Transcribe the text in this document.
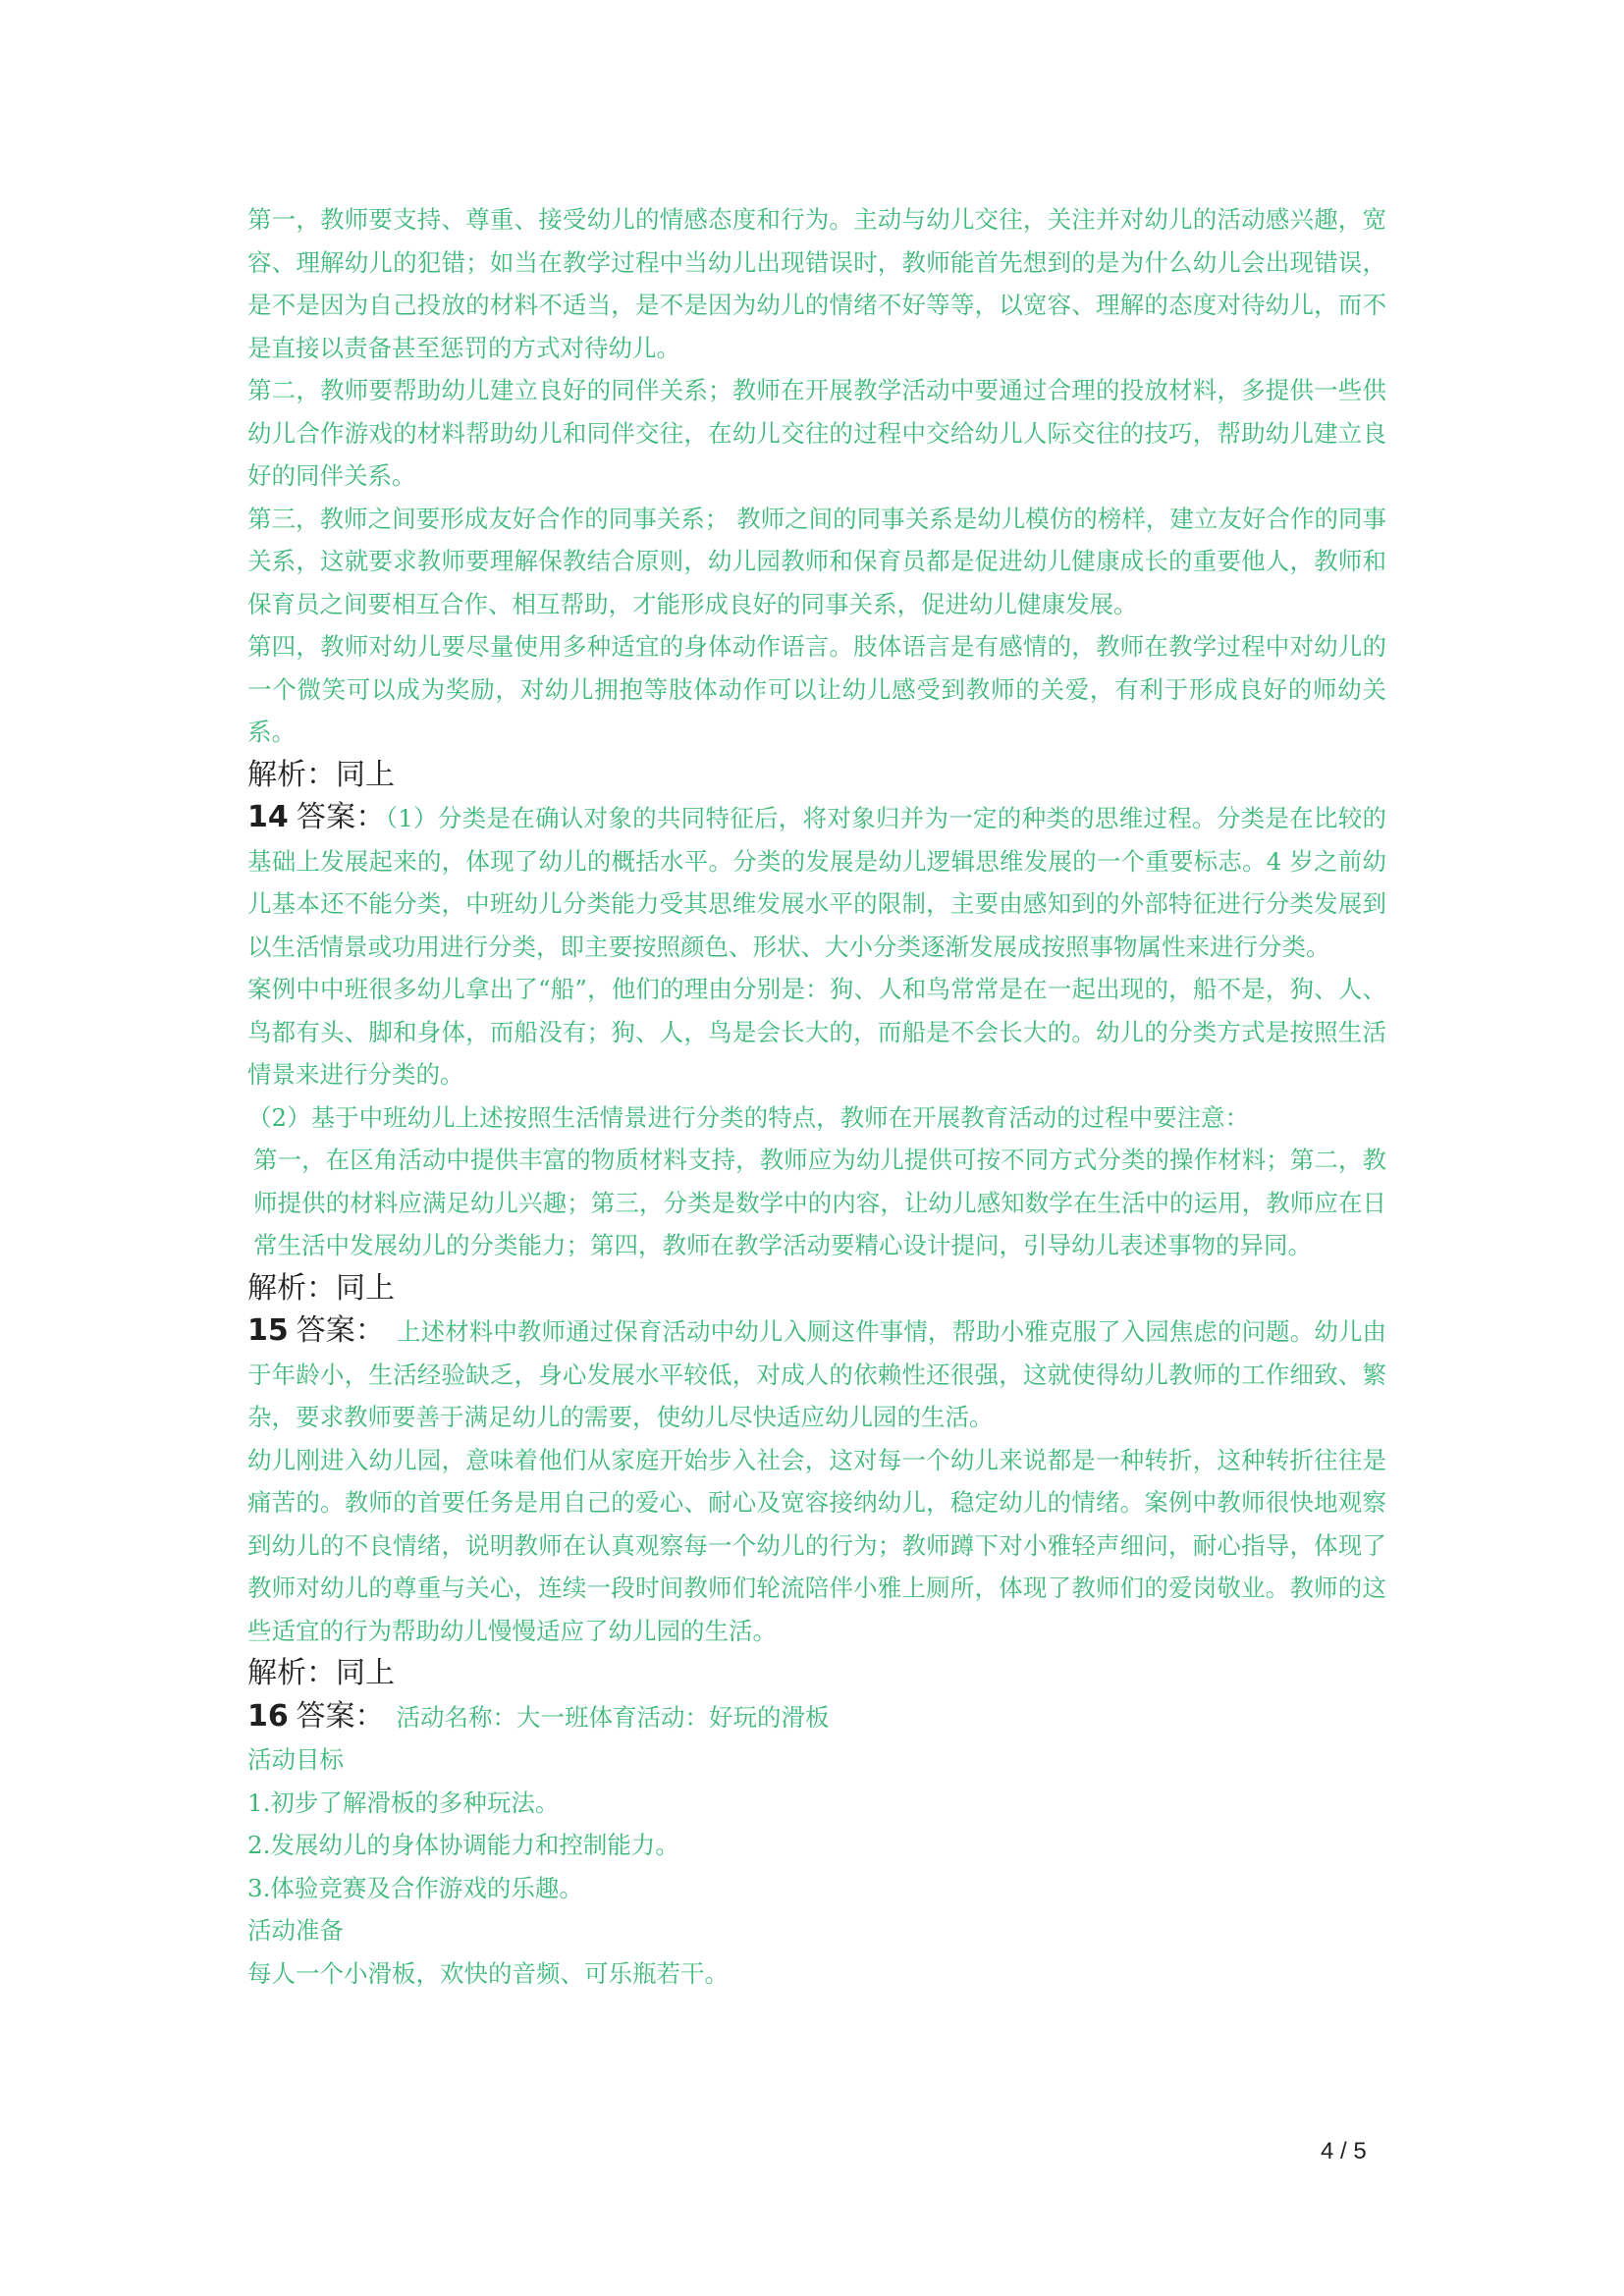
第一，教师要支持、尊重、接受幼儿的情感态度和行为。主动与幼儿交往，关注并对幼儿的活动感兴趣，宽容、理解幼儿的犯错；如当在教学过程中当幼儿出现错误时，教师能首先想到的是为什么幼儿会出现错误，是不是因为自己投放的材料不适当，是不是因为幼儿的情绪不好等等，以宽容、理解的态度对待幼儿，而不是直接以责备甚至惩罚的方式对待幼儿。

第二，教师要帮助幼儿建立良好的同伴关系；教师在开展教学活动中要通过合理的投放材料，多提供一些供幼儿合作游戏的材料帮助幼儿和同伴交往，在幼儿交往的过程中交给幼儿人际交往的技巧，帮助幼儿建立良好的同伴关系。

第三，教师之间要形成友好合作的同事关系； 教师之间的同事关系是幼儿模仿的榜样，建立友好合作的同事关系，这就要求教师要理解保教结合原则，幼儿园教师和保育员都是促进幼儿健康成长的重要他人，教师和保育员之间要相互合作、相互帮助，才能形成良好的同事关系，促进幼儿健康发展。

第四，教师对幼儿要尽量使用多种适宜的身体动作语言。肢体语言是有感情的，教师在教学过程中对幼儿的一个微笑可以成为奖励，对幼儿拥抱等肢体动作可以让幼儿感受到教师的关爱，有利于形成良好的师幼关系。

解析：同上

14 答案：（1）分类是在确认对象的共同特征后，将对象归并为一定的种类的思维过程。分类是在比较的基础上发展起来的，体现了幼儿的概括水平。分类的发展是幼儿逻辑思维发展的一个重要标志。4 岁之前幼儿基本还不能分类，中班幼儿分类能力受其思维发展水平的限制，主要由感知到的外部特征进行分类发展到以生活情景或功用进行分类，即主要按照颜色、形状、大小分类逐渐发展成按照事物属性来进行分类。

案例中中班很多幼儿拿出了“船”，他们的理由分别是：狗、人和鸟常常是在一起出现的，船不是，狗、人、鸟都有头、脚和身体，而船没有；狗、人，鸟是会长大的，而船是不会长大的。幼儿的分类方式是按照生活情景来进行分类的。

（2）基于中班幼儿上述按照生活情景进行分类的特点，教师在开展教育活动的过程中要注意：

第一，在区角活动中提供丰富的物质材料支持，教师应为幼儿提供可按不同方式分类的操作材料；第二，教师提供的材料应满足幼儿兴趣；第三，分类是数学中的内容，让幼儿感知数学在生活中的运用，教师应在日常生活中发展幼儿的分类能力；第四，教师在教学活动要精心设计提问，引导幼儿表述事物的异同。

解析：同上

15 答案： 上述材料中教师通过保育活动中幼儿入厕这件事情，帮助小雅克服了入园焦虑的问题。幼儿由于年龄小，生活经验缺乏，身心发展水平较低，对成人的依赖性还很强，这就使得幼儿教师的工作细致、繁杂，要求教师要善于满足幼儿的需要，使幼儿尽快适应幼儿园的生活。

幼儿刚进入幼儿园，意味着他们从家庭开始步入社会，这对每一个幼儿来说都是一种转折，这种转折往往是痛苦的。教师的首要任务是用自己的爱心、耐心及宽容接纳幼儿，稳定幼儿的情绪。案例中教师很快地观察到幼儿的不良情绪，说明教师在认真观察每一个幼儿的行为；教师蹲下对小雅轻声细问，耐心指导，体现了教师对幼儿的尊重与关心，连续一段时间教师们轮流陪伴小雅上厕所，体现了教师们的爱岗敬业。教师的这些适宜的行为帮助幼儿慢慢适应了幼儿园的生活。

解析：同上

16 答案： 活动名称：大一班体育活动：好玩的滑板

活动目标

1.初步了解滑板的多种玩法。

2.发展幼儿的身体协调能力和控制能力。

3.体验竞赛及合作游戏的乐趣。

活动准备

每人一个小滑板，欢快的音频、可乐瓶若干。

4 / 5
